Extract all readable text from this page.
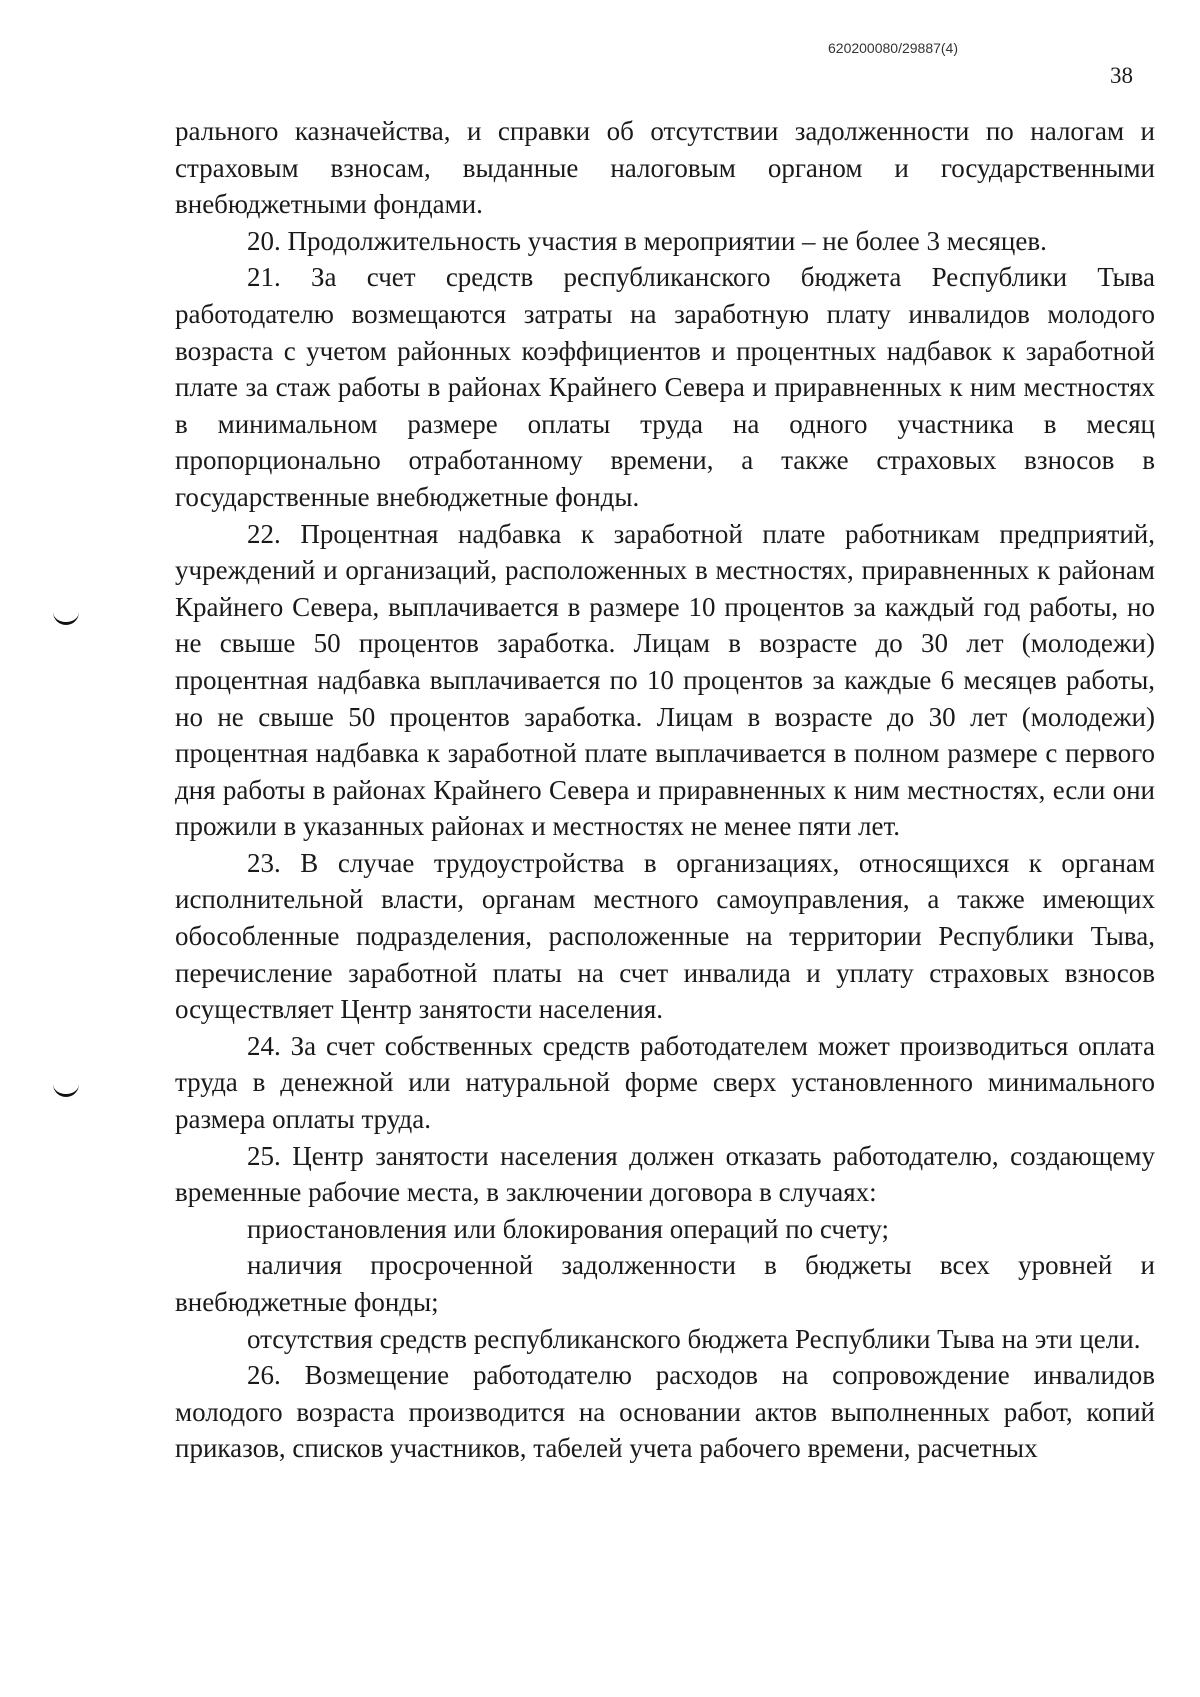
620200080/29887(4)
38

рального казначейства, и справки об отсутствии задолженности по налогам и страховым взносам, выданные налоговым органом и государственными внебюджетными фондами.

20. Продолжительность участия в мероприятии – не более 3 месяцев.

21. За счет средств республиканского бюджета Республики Тыва работодателю возмещаются затраты на заработную плату инвалидов молодого возраста с учетом районных коэффициентов и процентных надбавок к заработной плате за стаж работы в районах Крайнего Севера и приравненных к ним местностях в минимальном размере оплаты труда на одного участника в месяц пропорционально отработанному времени, а также страховых взносов в государственные внебюджетные фонды.

22. Процентная надбавка к заработной плате работникам предприятий, учреждений и организаций, расположенных в местностях, приравненных к районам Крайнего Севера, выплачивается в размере 10 процентов за каждый год работы, но не свыше 50 процентов заработка. Лицам в возрасте до 30 лет (молодежи) процентная надбавка выплачивается по 10 процентов за каждые 6 месяцев работы, но не свыше 50 процентов заработка. Лицам в возрасте до 30 лет (молодежи) процентная надбавка к заработной плате выплачивается в полном размере с первого дня работы в районах Крайнего Севера и приравненных к ним местностях, если они прожили в указанных районах и местностях не менее пяти лет.

23. В случае трудоустройства в организациях, относящихся к органам исполнительной власти, органам местного самоуправления, а также имеющих обособленные подразделения, расположенные на территории Республики Тыва, перечисление заработной платы на счет инвалида и уплату страховых взносов осуществляет Центр занятости населения.

24. За счет собственных средств работодателем может производиться оплата труда в денежной или натуральной форме сверх установленного минимального размера оплаты труда.

25. Центр занятости населения должен отказать работодателю, создающему временные рабочие места, в заключении договора в случаях:

приостановления или блокирования операций по счету;

наличия просроченной задолженности в бюджеты всех уровней и внебюджетные фонды;

отсутствия средств республиканского бюджета Республики Тыва на эти цели.

26. Возмещение работодателю расходов на сопровождение инвалидов молодого возраста производится на основании актов выполненных работ, копий приказов, списков участников, табелей учета рабочего времени, расчетных
